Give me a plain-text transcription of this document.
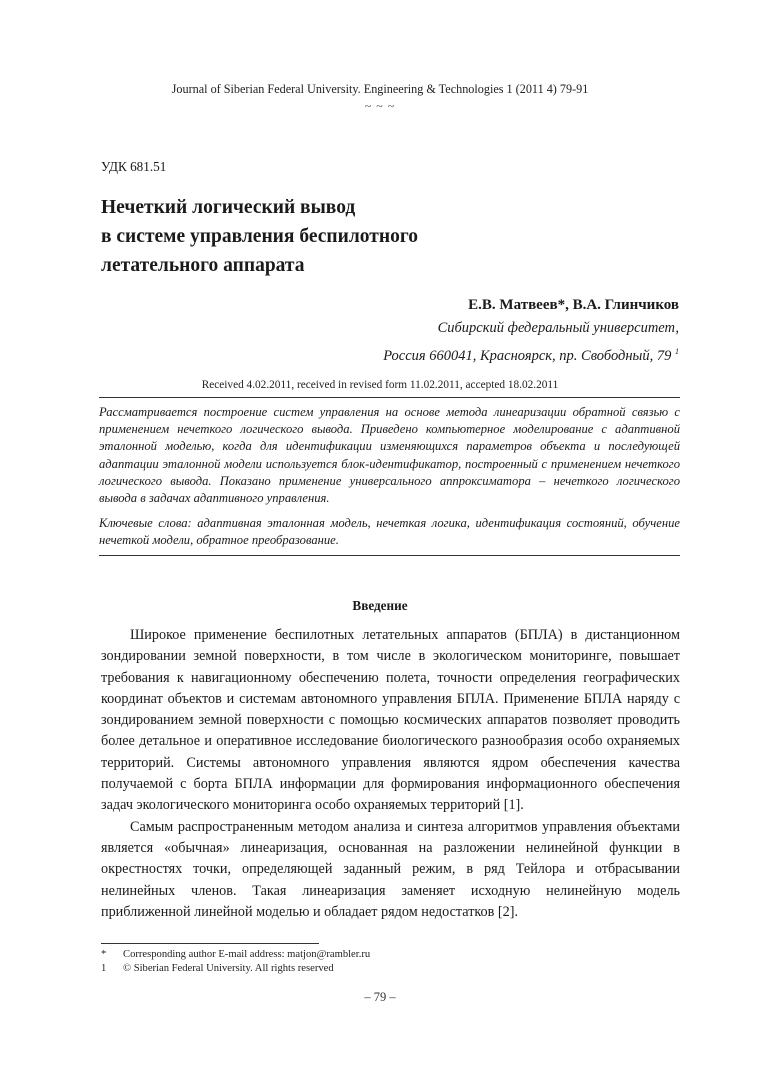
Journal of Siberian Federal University. Engineering & Technologies 1 (2011 4) 79-91
~ ~ ~
УДК 681.51
Нечеткий логический вывод
в системе управления беспилотного
летательного аппарата
Е.В. Матвеев*, В.А. Глинчиков
Сибирский федеральный университет,
Россия 660041, Красноярск, пр. Свободный, 79 $^1$
Received 4.02.2011, received in revised form 11.02.2011, accepted 18.02.2011
Рассматривается построение систем управления на основе метода линеаризации обратной связью с применением нечеткого логического вывода. Приведено компьютерное моделирование с адаптивной эталонной моделью, когда для идентификации изменяющихся параметров объекта и последующей адаптации эталонной модели используется блок-идентификатор, построенный с применением нечеткого логического вывода. Показано применение универсального аппроксиматора – нечеткого логического вывода в задачах адаптивного управления.
Ключевые слова: адаптивная эталонная модель, нечеткая логика, идентификация состояний, обучение нечеткой модели, обратное преобразование.
Введение
Широкое применение беспилотных летательных аппаратов (БПЛА) в дистанционном зондировании земной поверхности, в том числе в экологическом мониторинге, повышает требования к навигационному обеспечению полета, точности определения географических координат объектов и системам автономного управления БПЛА. Применение БПЛА наряду с зондированием земной поверхности с помощью космических аппаратов позволяет проводить более детальное и оперативное исследование биологического разнообразия особо охраняемых территорий. Системы автономного управления являются ядром обеспечения качества получаемой с борта БПЛА информации для формирования информационного обеспечения задач экологического мониторинга особо охраняемых территорий [1].
Самым распространенным методом анализа и синтеза алгоритмов управления объектами является «обычная» линеаризация, основанная на разложении нелинейной функции в окрестностях точки, определяющей заданный режим, в ряд Тейлора и отбрасывании нелинейных членов. Такая линеаризация заменяет исходную нелинейную модель приближенной линейной моделью и обладает рядом недостатков [2].
* Corresponding author E-mail address: matjon@rambler.ru
1 © Siberian Federal University. All rights reserved
– 79 –
